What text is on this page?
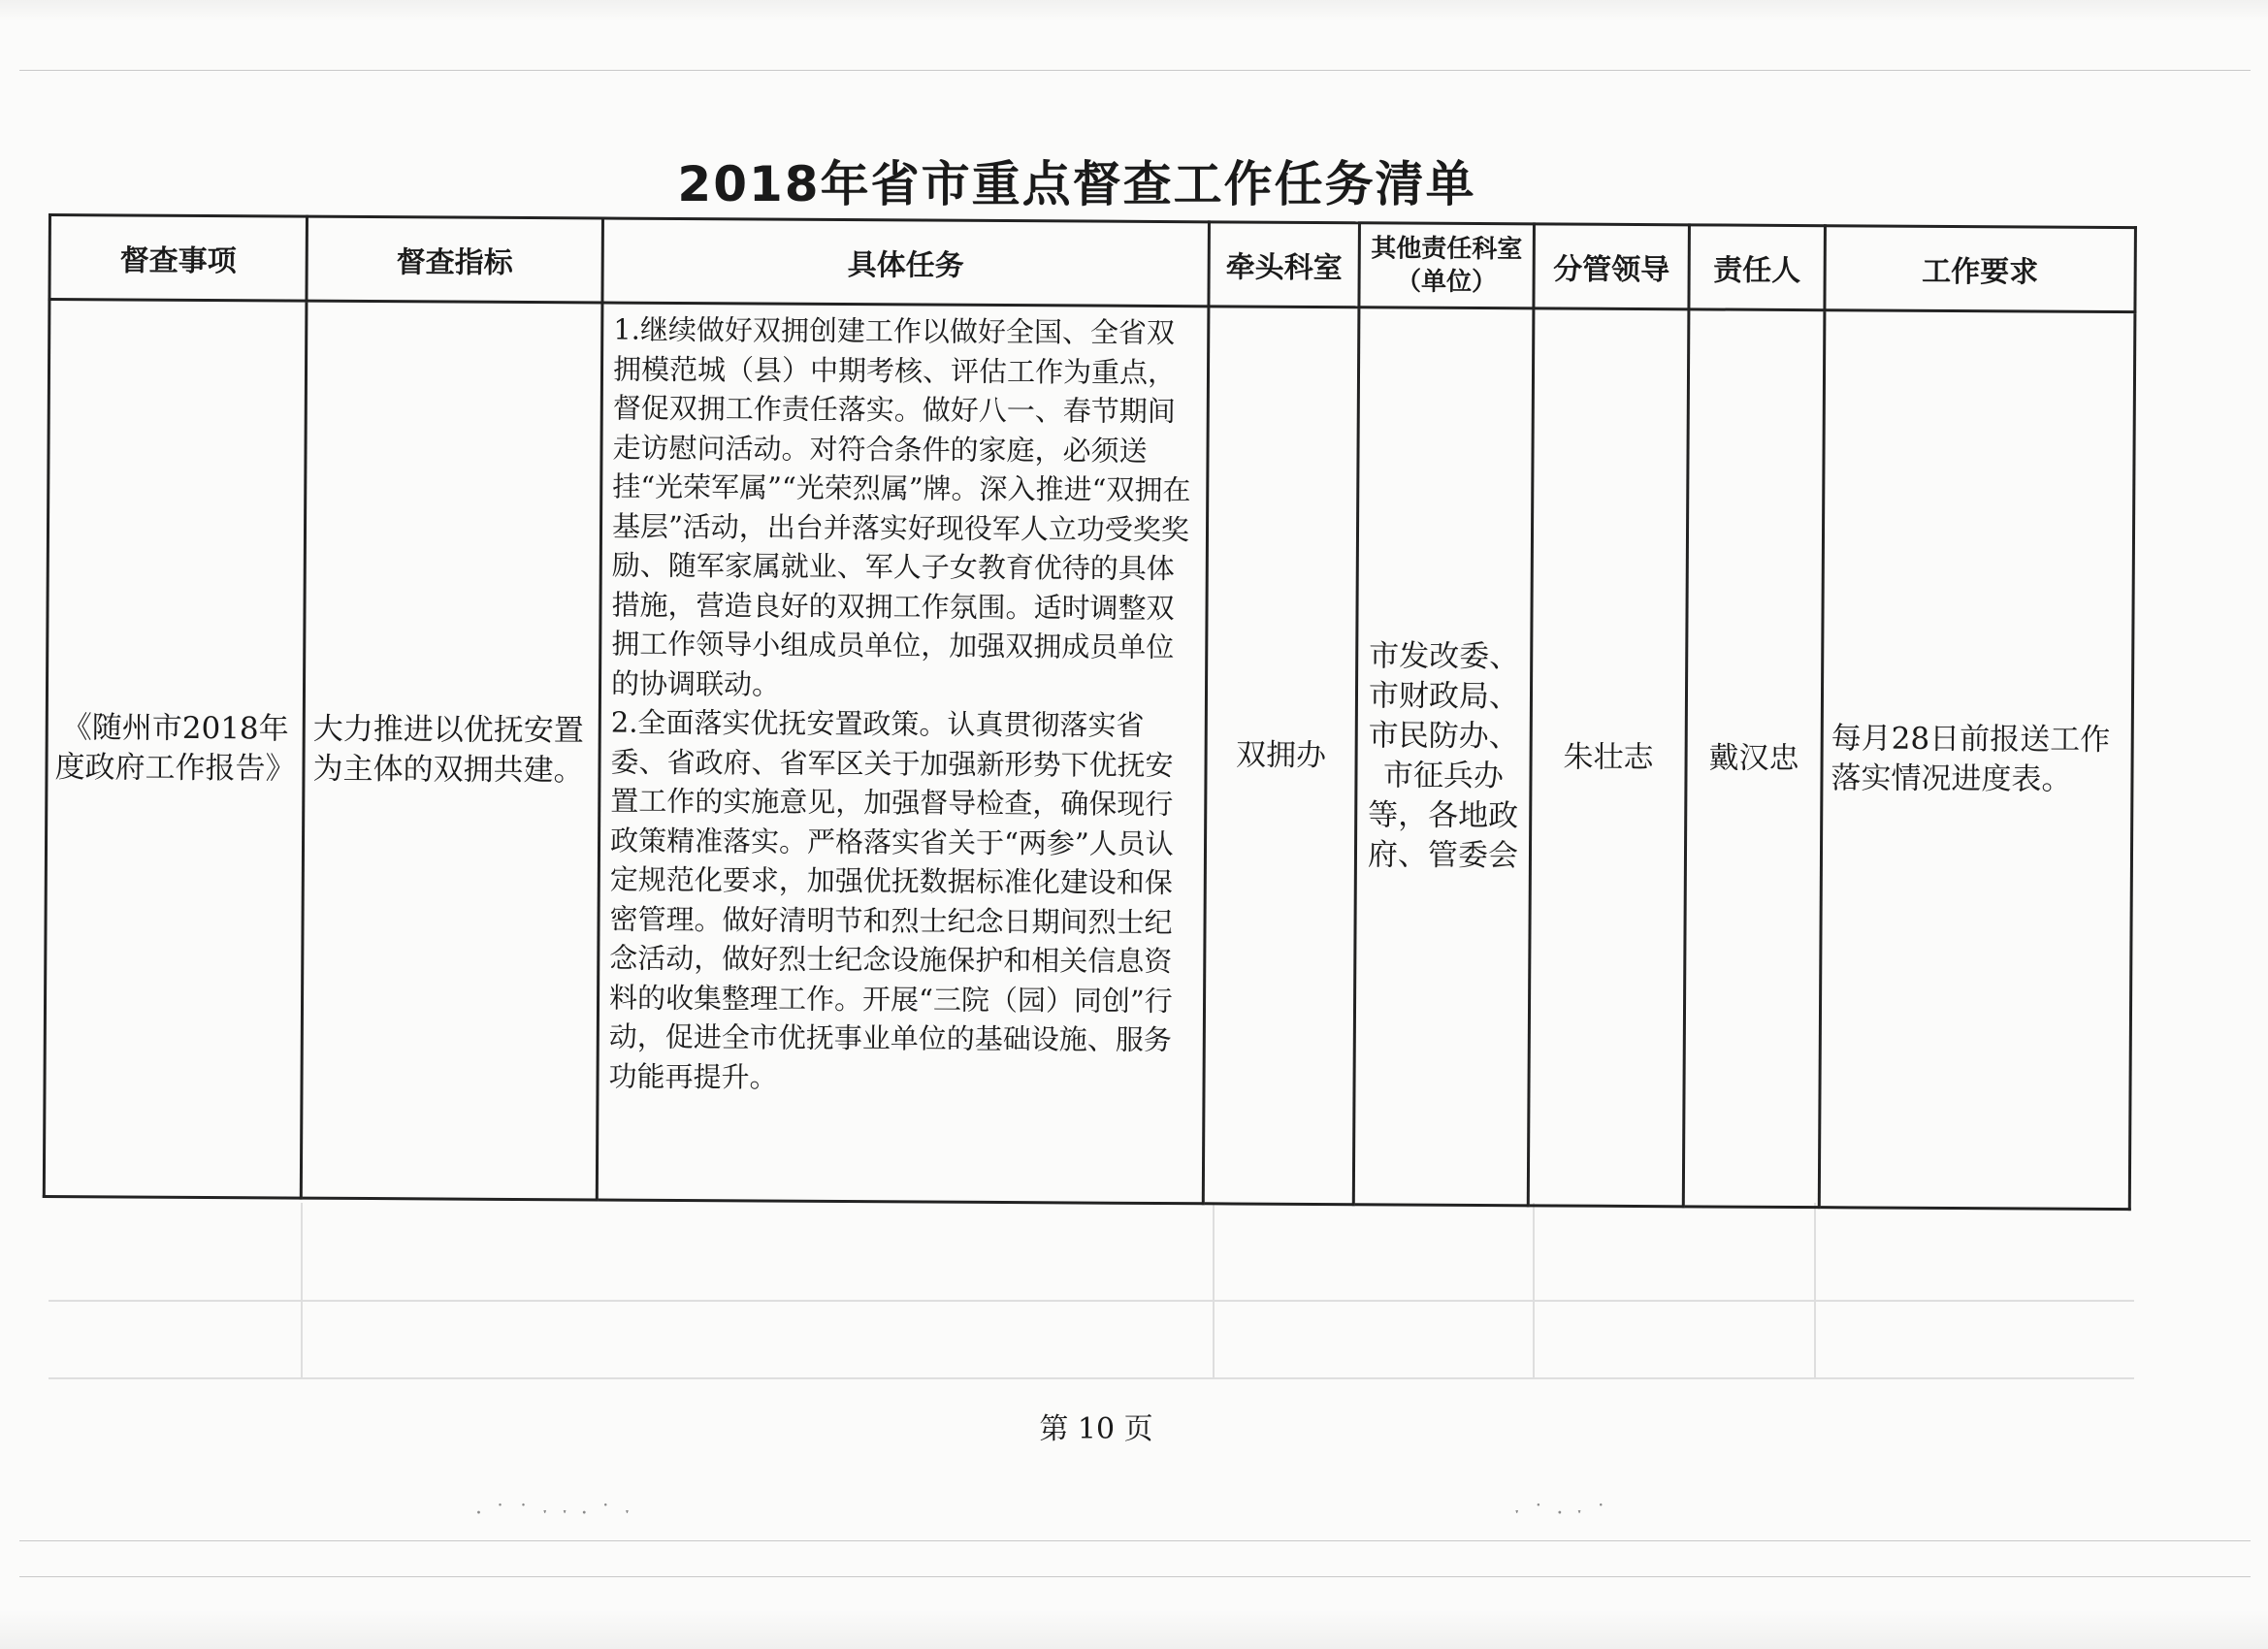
2018年省市重点督查工作任务清单
督查事项	督查指标	具体任务	牵头科室	其他责任科室（单位）	分管领导	责任人	工作要求
《随州市2018年度政府工作报告》	大力推进以优抚安置为主体的双拥共建。	1.继续做好双拥创建工作以做好全国、全省双拥模范城（县）中期考核、评估工作为重点，督促双拥工作责任落实。做好八一、春节期间走访慰问活动。对符合条件的家庭，必须送挂“光荣军属”“光荣烈属”牌。深入推进“双拥在基层”活动，出台并落实好现役军人立功受奖奖励、随军家属就业、军人子女教育优待的具体措施，营造良好的双拥工作氛围。适时调整双拥工作领导小组成员单位，加强双拥成员单位的协调联动。

2.全面落实优抚安置政策。认真贯彻落实省委、省政府、省军区关于加强新形势下优抚安置工作的实施意见，加强督导检查，确保现行政策精准落实。严格落实省关于“两参”人员认定规范化要求，加强优抚数据标准化建设和保密管理。做好清明节和烈士纪念日期间烈士纪念活动，做好烈士纪念设施保护和相关信息资料的收集整理工作。开展“三院（园）同创”行动，促进全市优抚事业单位的基础设施、服务功能再提升。	双拥办	市发改委、市财政局、市民防办、市征兵办等，各地政府、管委会	朱壮志	戴汉忠	每月28日前报送工作落实情况进度表。
第 10 页
· ˙ ˙ ˑ ˑ · ˙ ˑ	ˑ ˙ · ˑ ˙
